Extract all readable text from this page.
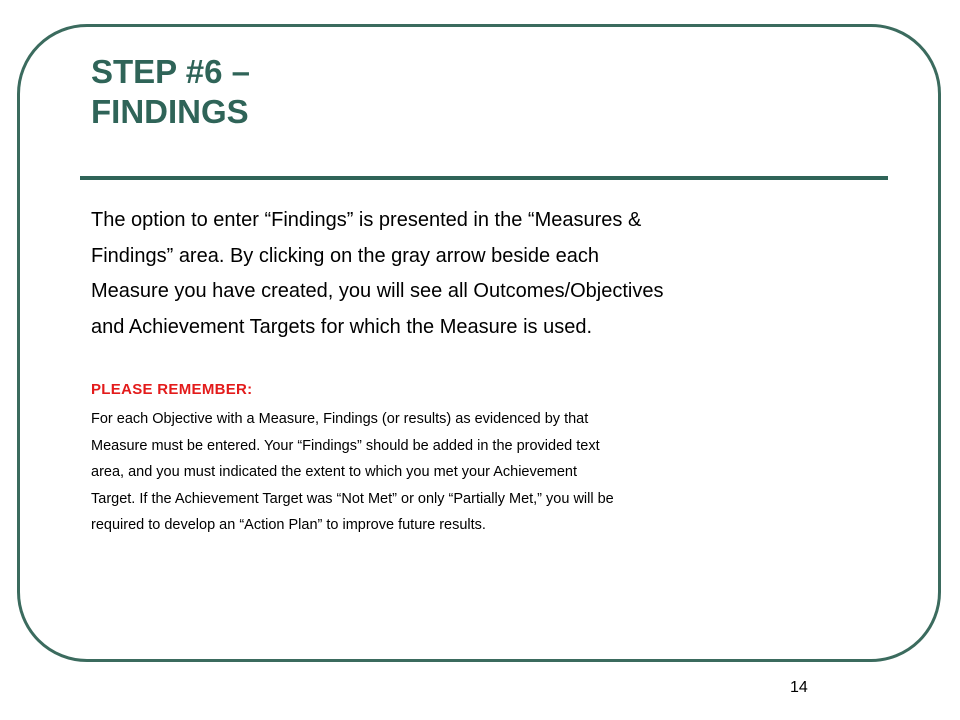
STEP #6 –
FINDINGS

The option to enter “Findings” is presented in the “Measures &
Findings” area. By clicking on the gray arrow beside each
Measure you have created, you will see all Outcomes/Objectives
and Achievement Targets for which the Measure is used.

PLEASE REMEMBER:

For each Objective with a Measure, Findings (or results) as evidenced by that
Measure must be entered. Your “Findings” should be added in the provided text
area, and you must indicated the extent to which you met your Achievement
Target. If the Achievement Target was “Not Met” or only “Partially Met,” you will be
required to develop an “Action Plan” to improve future results.

14
